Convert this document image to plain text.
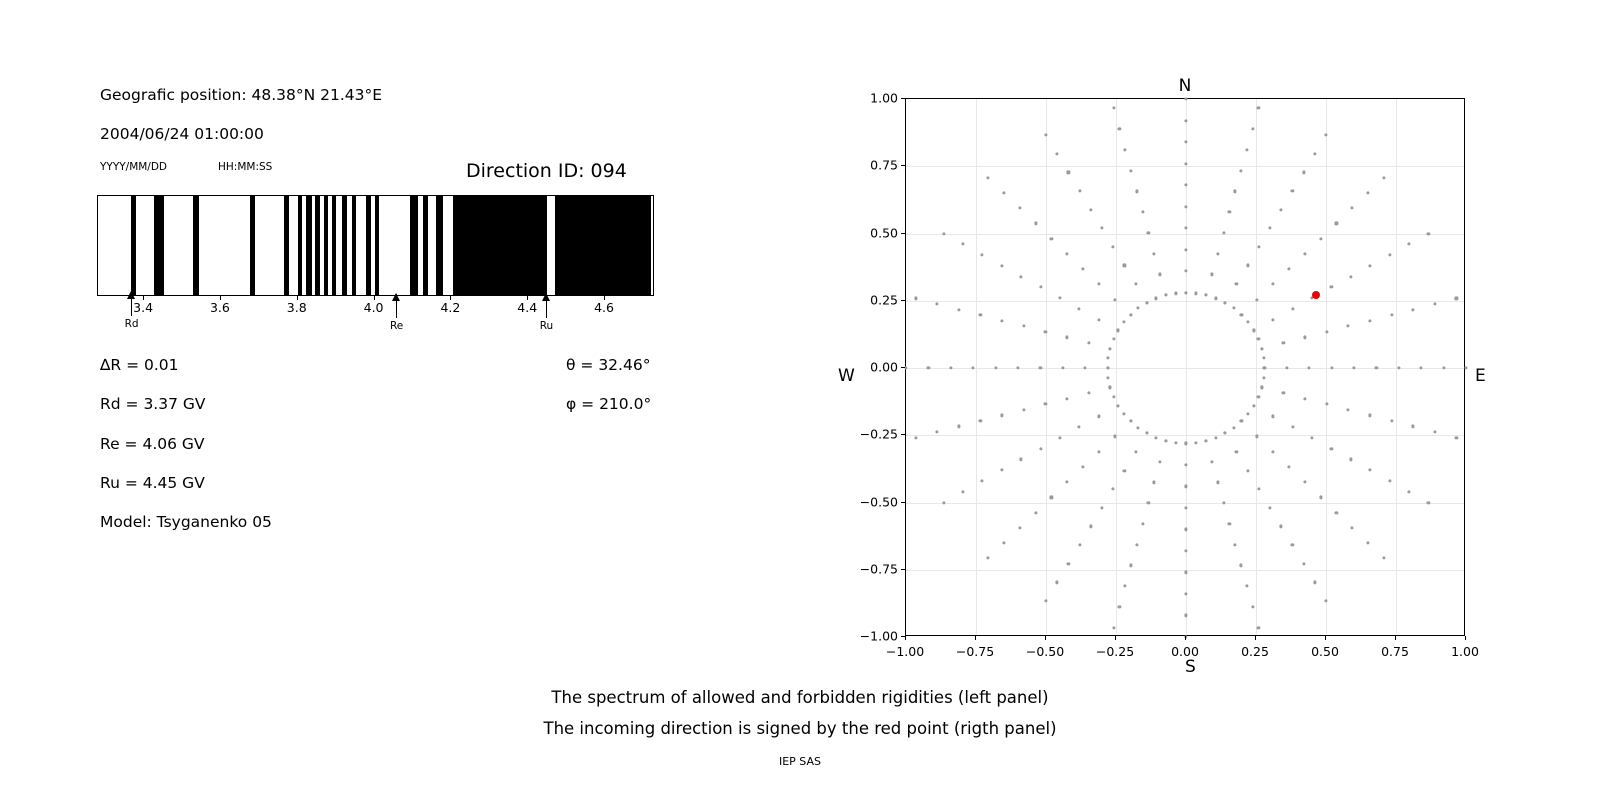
Geografic position: 48.38°N 21.43°E
2004/06/24 01:00:00
YYYY/MM/DD	HH:MM:SS	Direction ID: 094
3.4	3.6	3.8	4.0	4.2	4.4	4.6
Rd	Re	Ru
∆R = 0.01
Rd = 3.37 GV
Re = 4.06 GV
Ru = 4.45 GV
Model: Tsyganenko 05
θ = 32.46°
φ = 210.0°
N
S
W	E
−1.00
−0.75
−0.50
−0.25
0.00
0.25
0.50
0.75
1.00
−1.00	−0.75	−0.50	−0.25	0.00	0.25	0.50	0.75	1.00
The spectrum of allowed and forbidden rigidities (left panel)
The incoming direction is signed by the red point (rigth panel)
IEP SAS
